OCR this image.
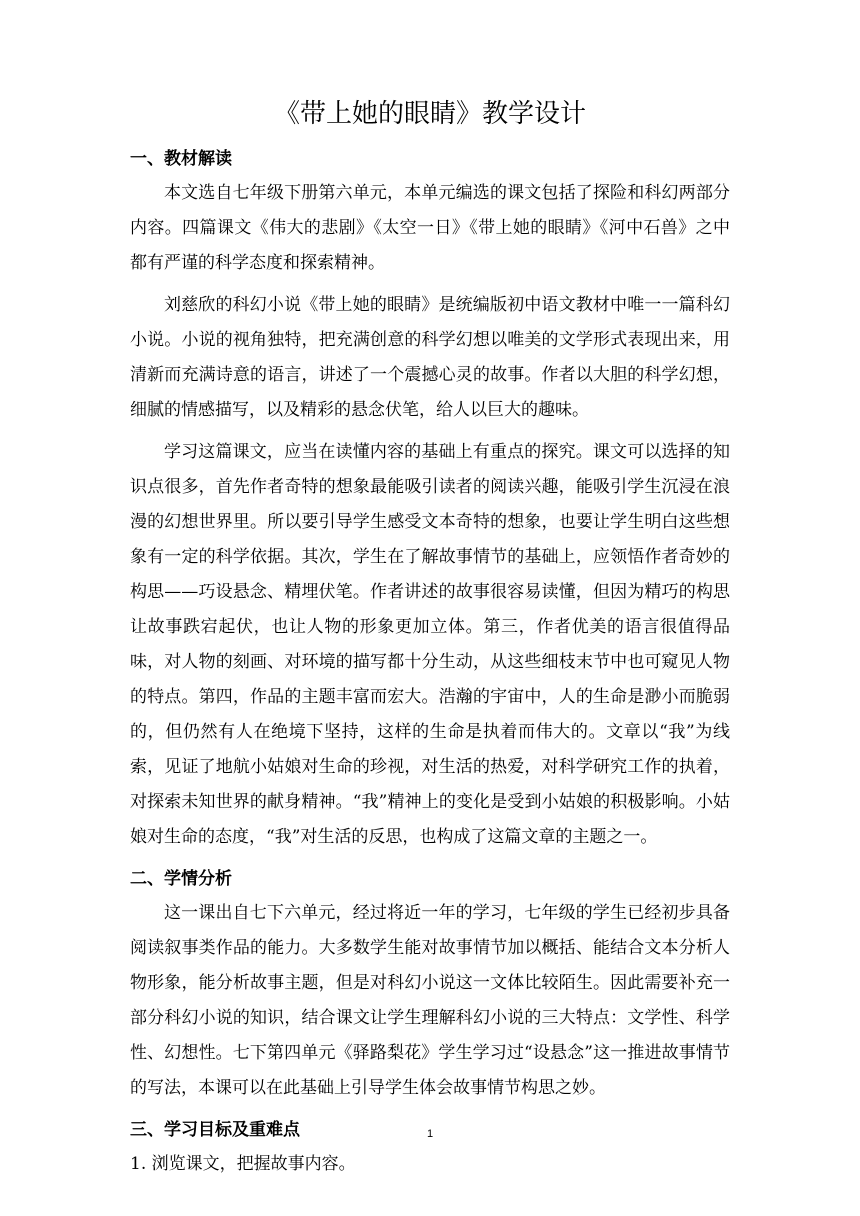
《带上她的眼睛》教学设计

一、教材解读

本文选自七年级下册第六单元，本单元编选的课文包括了探险和科幻两部分内容。四篇课文《伟大的悲剧》《太空一日》《带上她的眼睛》《河中石兽》之中都有严谨的科学态度和探索精神。

刘慈欣的科幻小说《带上她的眼睛》是统编版初中语文教材中唯一一篇科幻小说。小说的视角独特，把充满创意的科学幻想以唯美的文学形式表现出来，用清新而充满诗意的语言，讲述了一个震撼心灵的故事。作者以大胆的科学幻想，细腻的情感描写，以及精彩的悬念伏笔，给人以巨大的趣味。

学习这篇课文，应当在读懂内容的基础上有重点的探究。课文可以选择的知识点很多，首先作者奇特的想象最能吸引读者的阅读兴趣，能吸引学生沉浸在浪漫的幻想世界里。所以要引导学生感受文本奇特的想象，也要让学生明白这些想象有一定的科学依据。其次，学生在了解故事情节的基础上，应领悟作者奇妙的构思——巧设悬念、精埋伏笔。作者讲述的故事很容易读懂，但因为精巧的构思让故事跌宕起伏，也让人物的形象更加立体。第三，作者优美的语言很值得品味，对人物的刻画、对环境的描写都十分生动，从这些细枝末节中也可窥见人物的特点。第四，作品的主题丰富而宏大。浩瀚的宇宙中，人的生命是渺小而脆弱的，但仍然有人在绝境下坚持，这样的生命是执着而伟大的。文章以“我”为线索，见证了地航小姑娘对生命的珍视，对生活的热爱，对科学研究工作的执着，对探索未知世界的献身精神。“我”精神上的变化是受到小姑娘的积极影响。小姑娘对生命的态度，“我”对生活的反思，也构成了这篇文章的主题之一。

二、学情分析

这一课出自七下六单元，经过将近一年的学习，七年级的学生已经初步具备阅读叙事类作品的能力。大多数学生能对故事情节加以概括、能结合文本分析人物形象，能分析故事主题，但是对科幻小说这一文体比较陌生。因此需要补充一部分科幻小说的知识，结合课文让学生理解科幻小说的三大特点：文学性、科学性、幻想性。七下第四单元《驿路梨花》学生学习过“设悬念”这一推进故事情节的写法，本课可以在此基础上引导学生体会故事情节构思之妙。

三、学习目标及重难点

1. 浏览课文，把握故事内容。

1
